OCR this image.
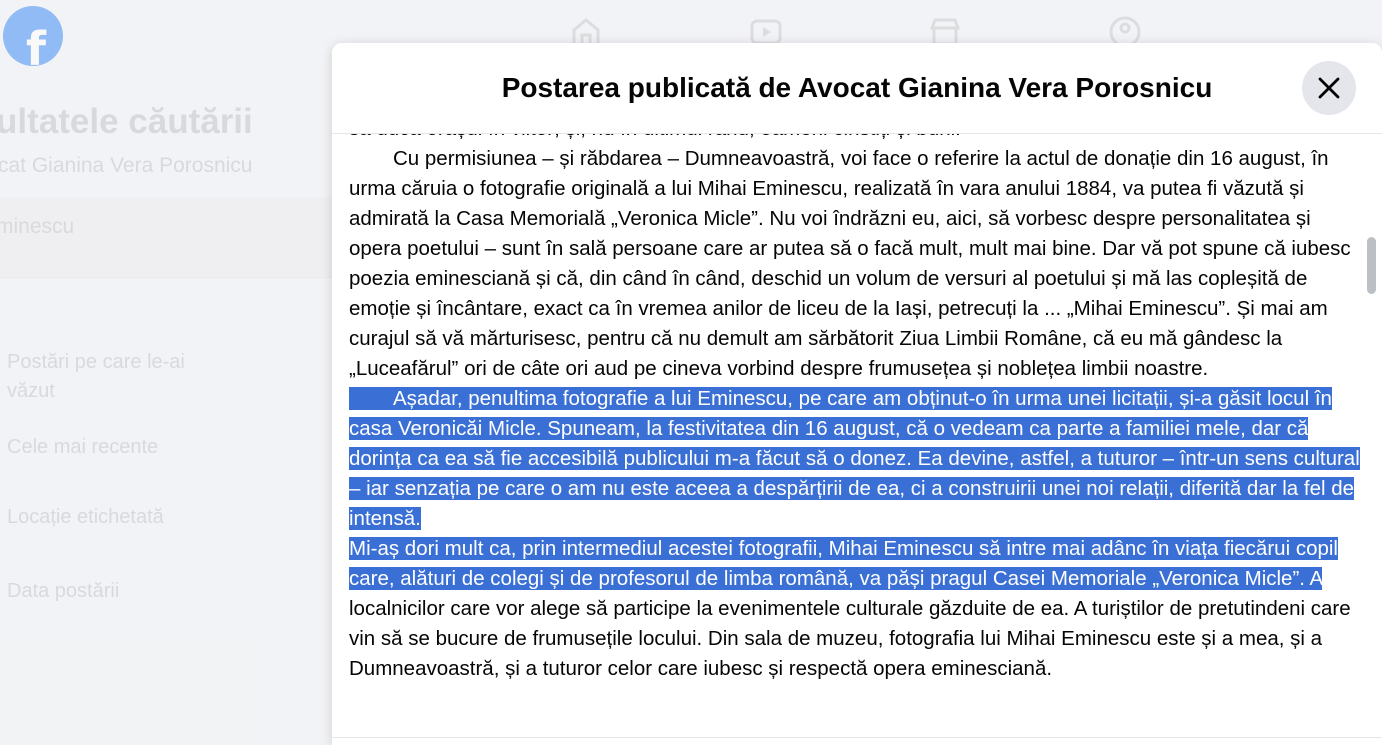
Cu permisiunea – și răbdarea – Dumneavoastră, voi face o referire la actul de donație din 16 august, în urma căruia o fotografie originală a lui Mihai Eminescu, realizată în vara anului 1884, va putea fi văzută și admirată la Casa Memorială „Veronica Micle”. Nu voi îndrăzni eu, aici, să vorbesc despre personalitatea și opera poetului – sunt în sală persoane care ar putea să o facă mult, mult mai bine. Dar vă pot spune că iubesc poezia eminesciană și că, din când în când, deschid un volum de versuri al poetului și mă las copleșită de emoție și încântare, exact ca în vremea anilor de liceu de la Iași, petrecuți la ... „Mihai Eminescu”. Și mai am curajul să vă mărturisesc, pentru că nu demult am sărbătorit Ziua Limbii Române, că eu mă gândesc la „Luceafărul” ori de câte ori aud pe cineva vorbind despre frumusețea și noblețea limbii noastre.

Așadar, penultima fotografie a lui Eminescu, pe care am obținut-o în urma unei licitații, și-a găsit locul în casa Veronicăi Micle. Spuneam, la festivitatea din 16 august, că o vedeam ca parte a familiei mele, dar că dorința ca ea să fie accesibilă publicului m-a făcut să o donez. Ea devine, astfel, a tuturor – într-un sens cultural – iar senzația pe care o am nu este aceea a despărțirii de ea, ci a construirii unei noi relații, diferită dar la fel de intensă.

Mi-aș dori mult ca, prin intermediul acestei fotografii, Mihai Eminescu să intre mai adânc în viața fiecărui copil care, alături de colegi și de profesorul de limba română, va păși pragul Casei Memoriale „Veronica Micle”. A localnicilor care vor alege să participe la evenimentele culturale găzduite de ea. A turiștilor de pretutindeni care vin să se bucure de frumusețile locului. Din sala de muzeu, fotografia lui Mihai Eminescu este și a mea, și a Dumneavoastră, și a tuturor celor care iubesc și respectă opera eminesciană.

Postarea publicată de Avocat Gianina Vera Porosnicu
